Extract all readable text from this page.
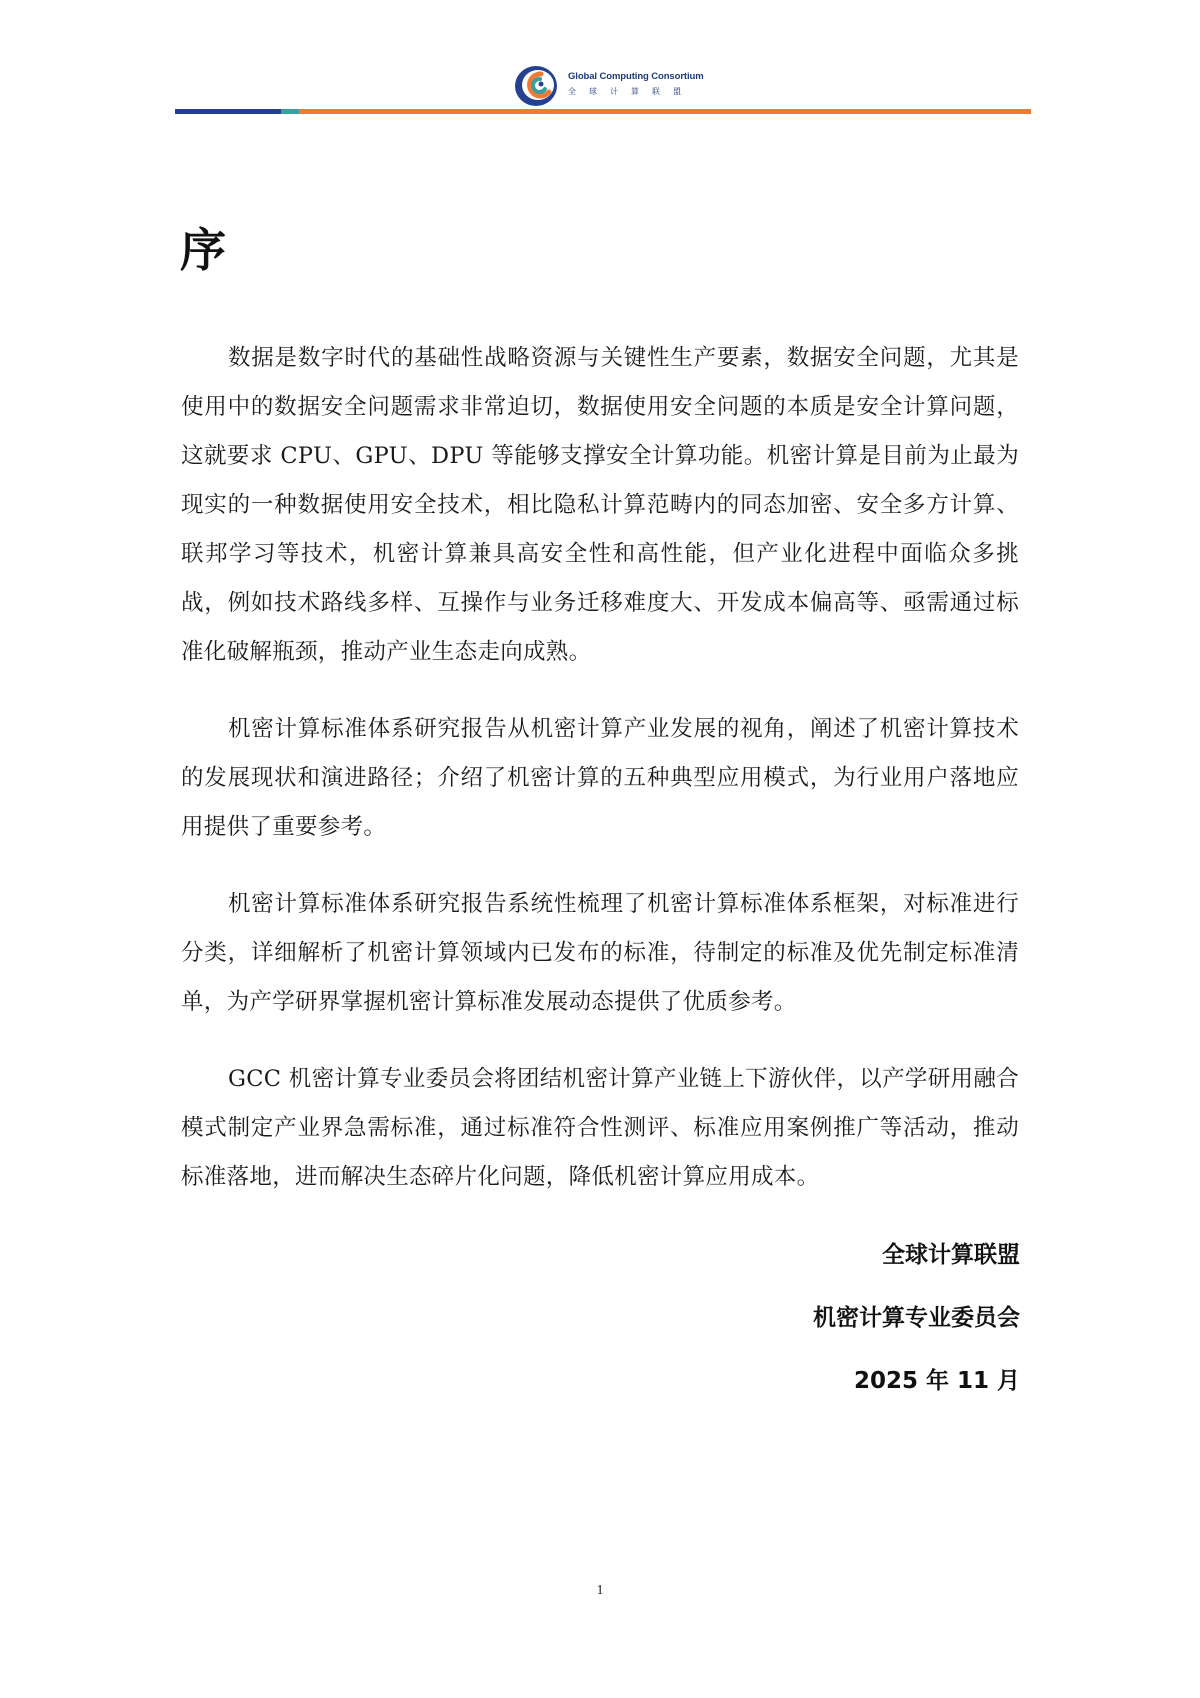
Global Computing Consortium
全球计算联盟
序

数据是数字时代的基础性战略资源与关键性生产要素，数据安全问题，尤其是使用中的数据安全问题需求非常迫切，数据使用安全问题的本质是安全计算问题，这就要求 CPU、GPU、DPU 等能够支撑安全计算功能。机密计算是目前为止最为现实的一种数据使用安全技术，相比隐私计算范畴内的同态加密、安全多方计算、联邦学习等技术，机密计算兼具高安全性和高性能，但产业化进程中面临众多挑战，例如技术路线多样、互操作与业务迁移难度大、开发成本偏高等、亟需通过标准化破解瓶颈，推动产业生态走向成熟。

机密计算标准体系研究报告从机密计算产业发展的视角，阐述了机密计算技术的发展现状和演进路径；介绍了机密计算的五种典型应用模式，为行业用户落地应用提供了重要参考。

机密计算标准体系研究报告系统性梳理了机密计算标准体系框架，对标准进行分类，详细解析了机密计算领域内已发布的标准，待制定的标准及优先制定标准清单，为产学研界掌握机密计算标准发展动态提供了优质参考。

GCC 机密计算专业委员会将团结机密计算产业链上下游伙伴，以产学研用融合模式制定产业界急需标准，通过标准符合性测评、标准应用案例推广等活动，推动标准落地，进而解决生态碎片化问题，降低机密计算应用成本。

全球计算联盟
机密计算专业委员会
2025 年 11 月
1
